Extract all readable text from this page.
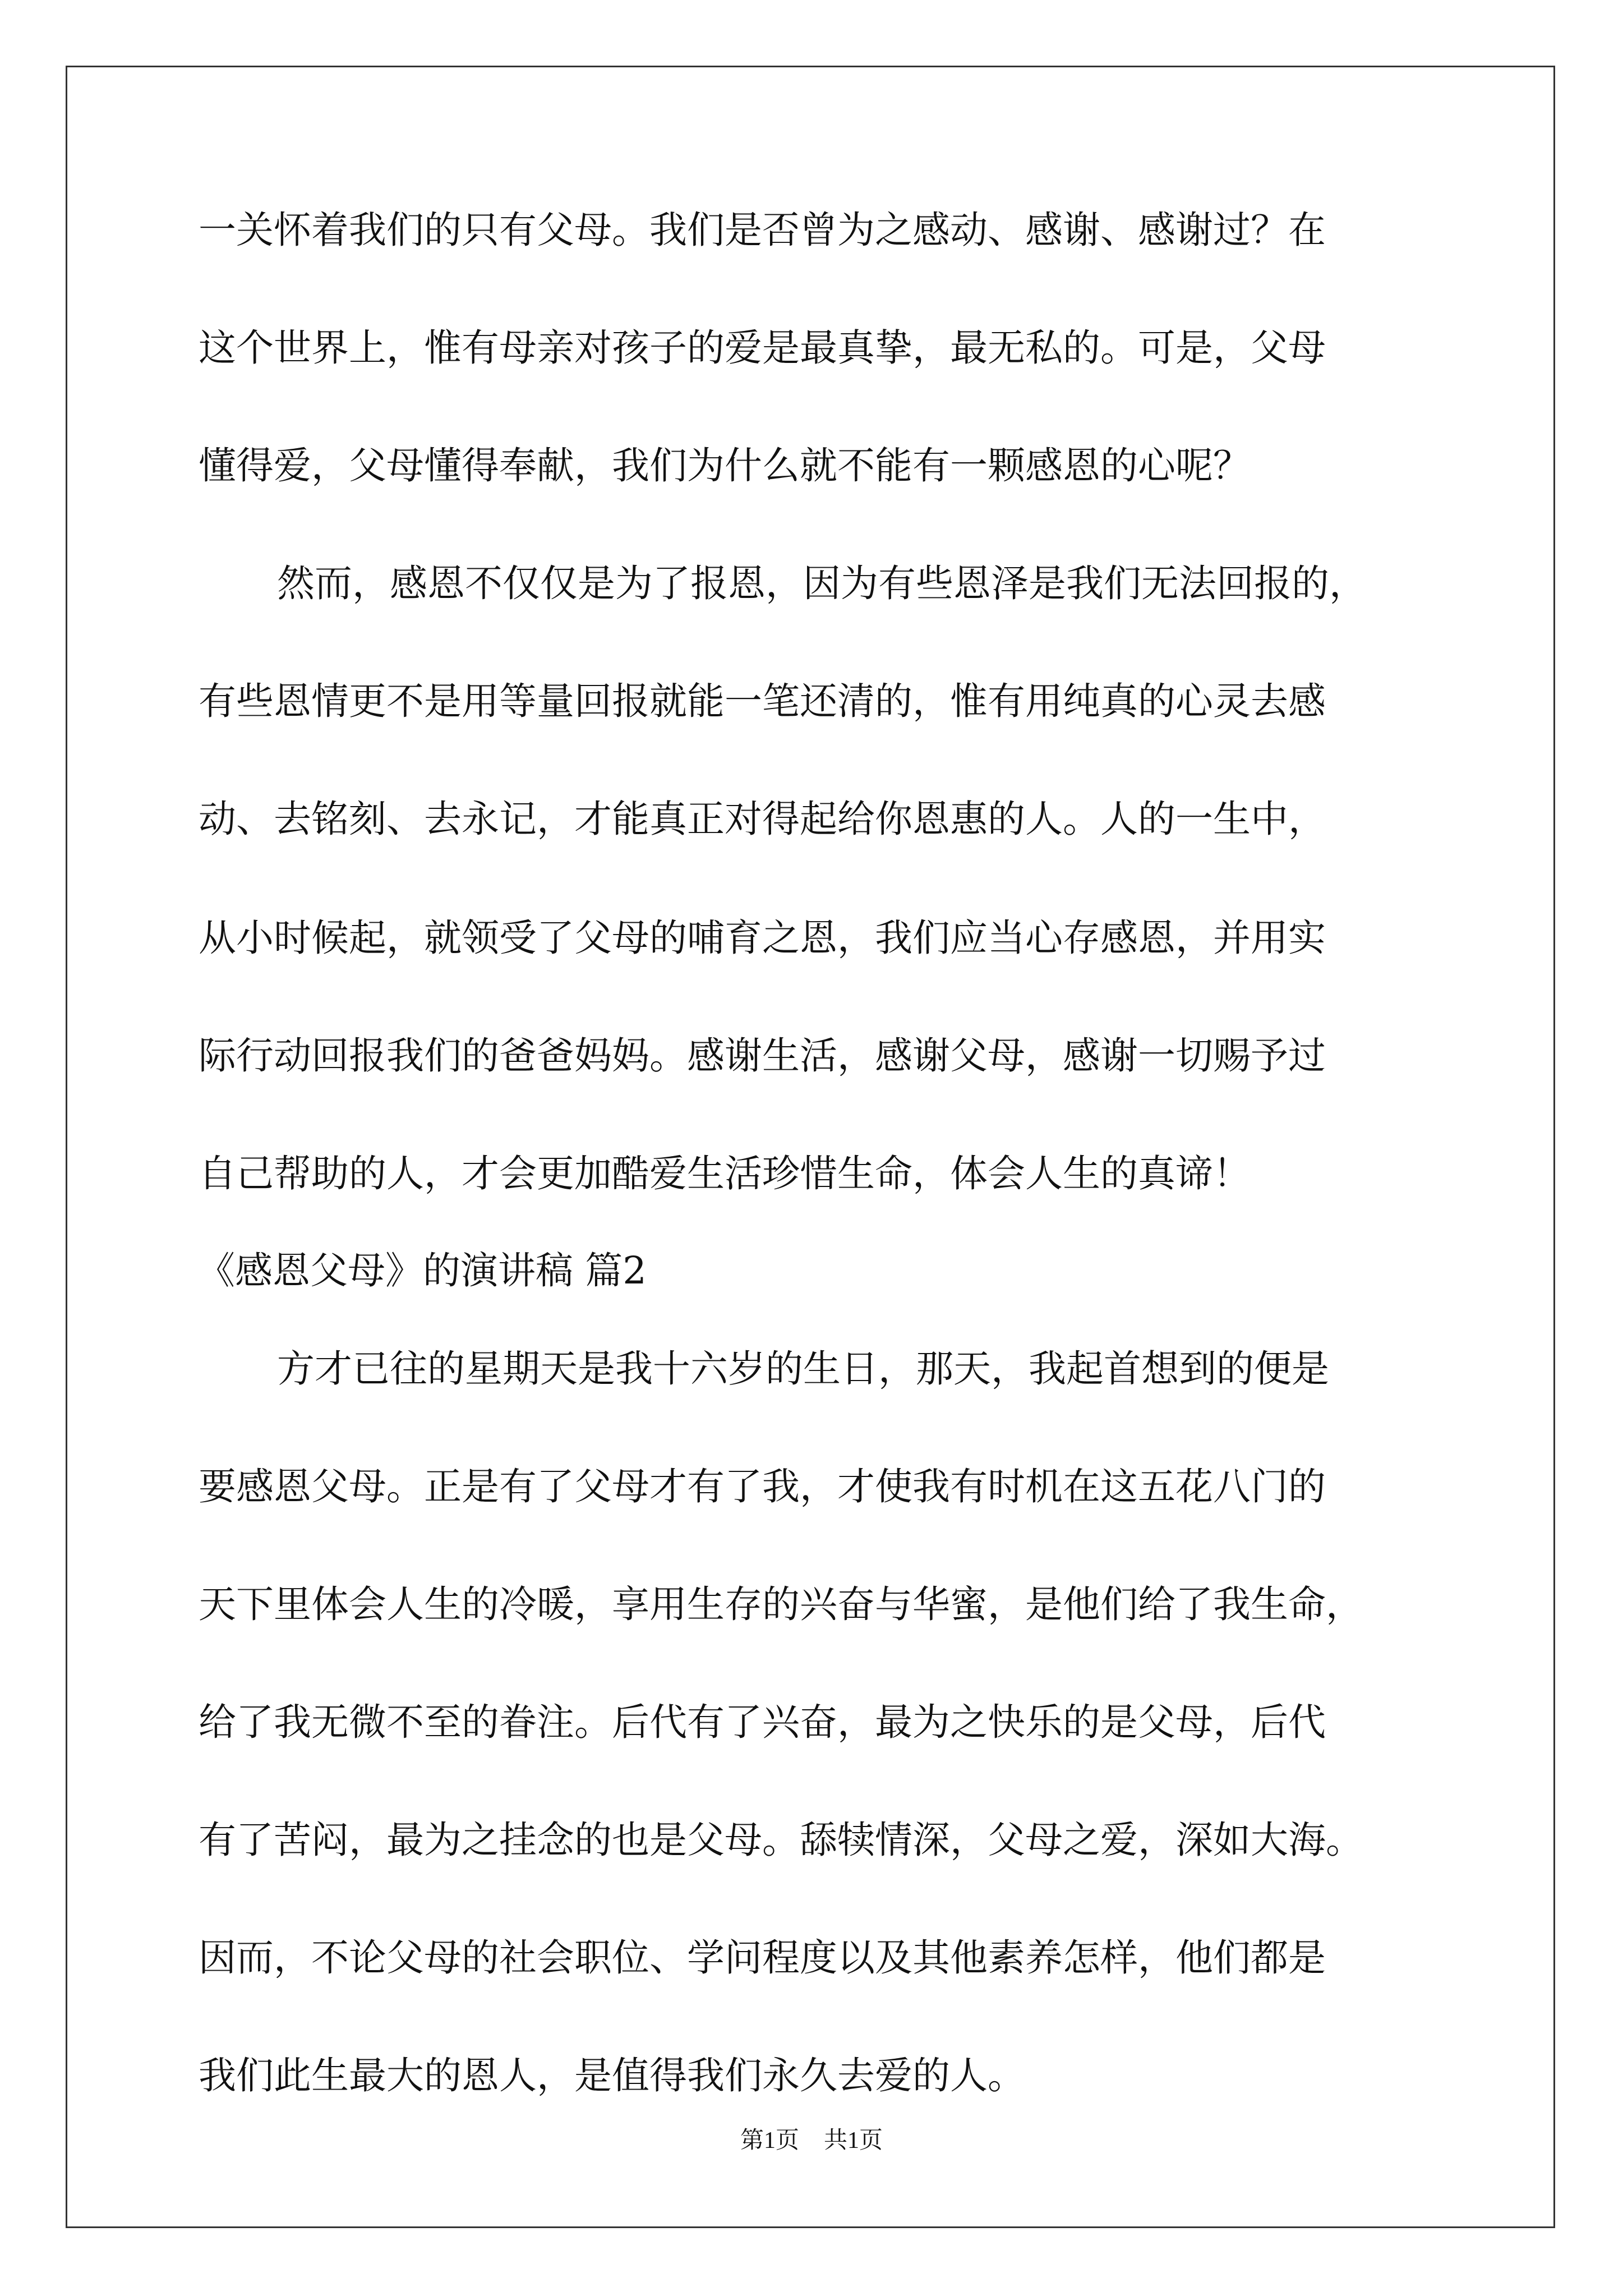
一关怀着我们的只有父母。我们是否曾为之感动、感谢、感谢过？在
这个世界上，惟有母亲对孩子的爱是最真挚，最无私的。可是，父母
懂得爱，父母懂得奉献，我们为什么就不能有一颗感恩的心呢？
然而，感恩不仅仅是为了报恩，因为有些恩泽是我们无法回报的，
有些恩情更不是用等量回报就能一笔还清的，惟有用纯真的心灵去感
动、去铭刻、去永记，才能真正对得起给你恩惠的人。人的一生中，
从小时候起，就领受了父母的哺育之恩，我们应当心存感恩，并用实
际行动回报我们的爸爸妈妈。感谢生活，感谢父母，感谢一切赐予过
自己帮助的人，才会更加酷爱生活珍惜生命，体会人生的真谛！
《感恩父母》的演讲稿 篇2
方才已往的星期天是我十六岁的生日，那天，我起首想到的便是
要感恩父母。正是有了父母才有了我，才使我有时机在这五花八门的
天下里体会人生的冷暖，享用生存的兴奋与华蜜，是他们给了我生命，
给了我无微不至的眷注。后代有了兴奋，最为之快乐的是父母，后代
有了苦闷，最为之挂念的也是父母。舔犊情深，父母之爱，深如大海。
因而，不论父母的社会职位、学问程度以及其他素养怎样，他们都是
我们此生最大的恩人，是值得我们永久去爱的人。
第1页 共1页
